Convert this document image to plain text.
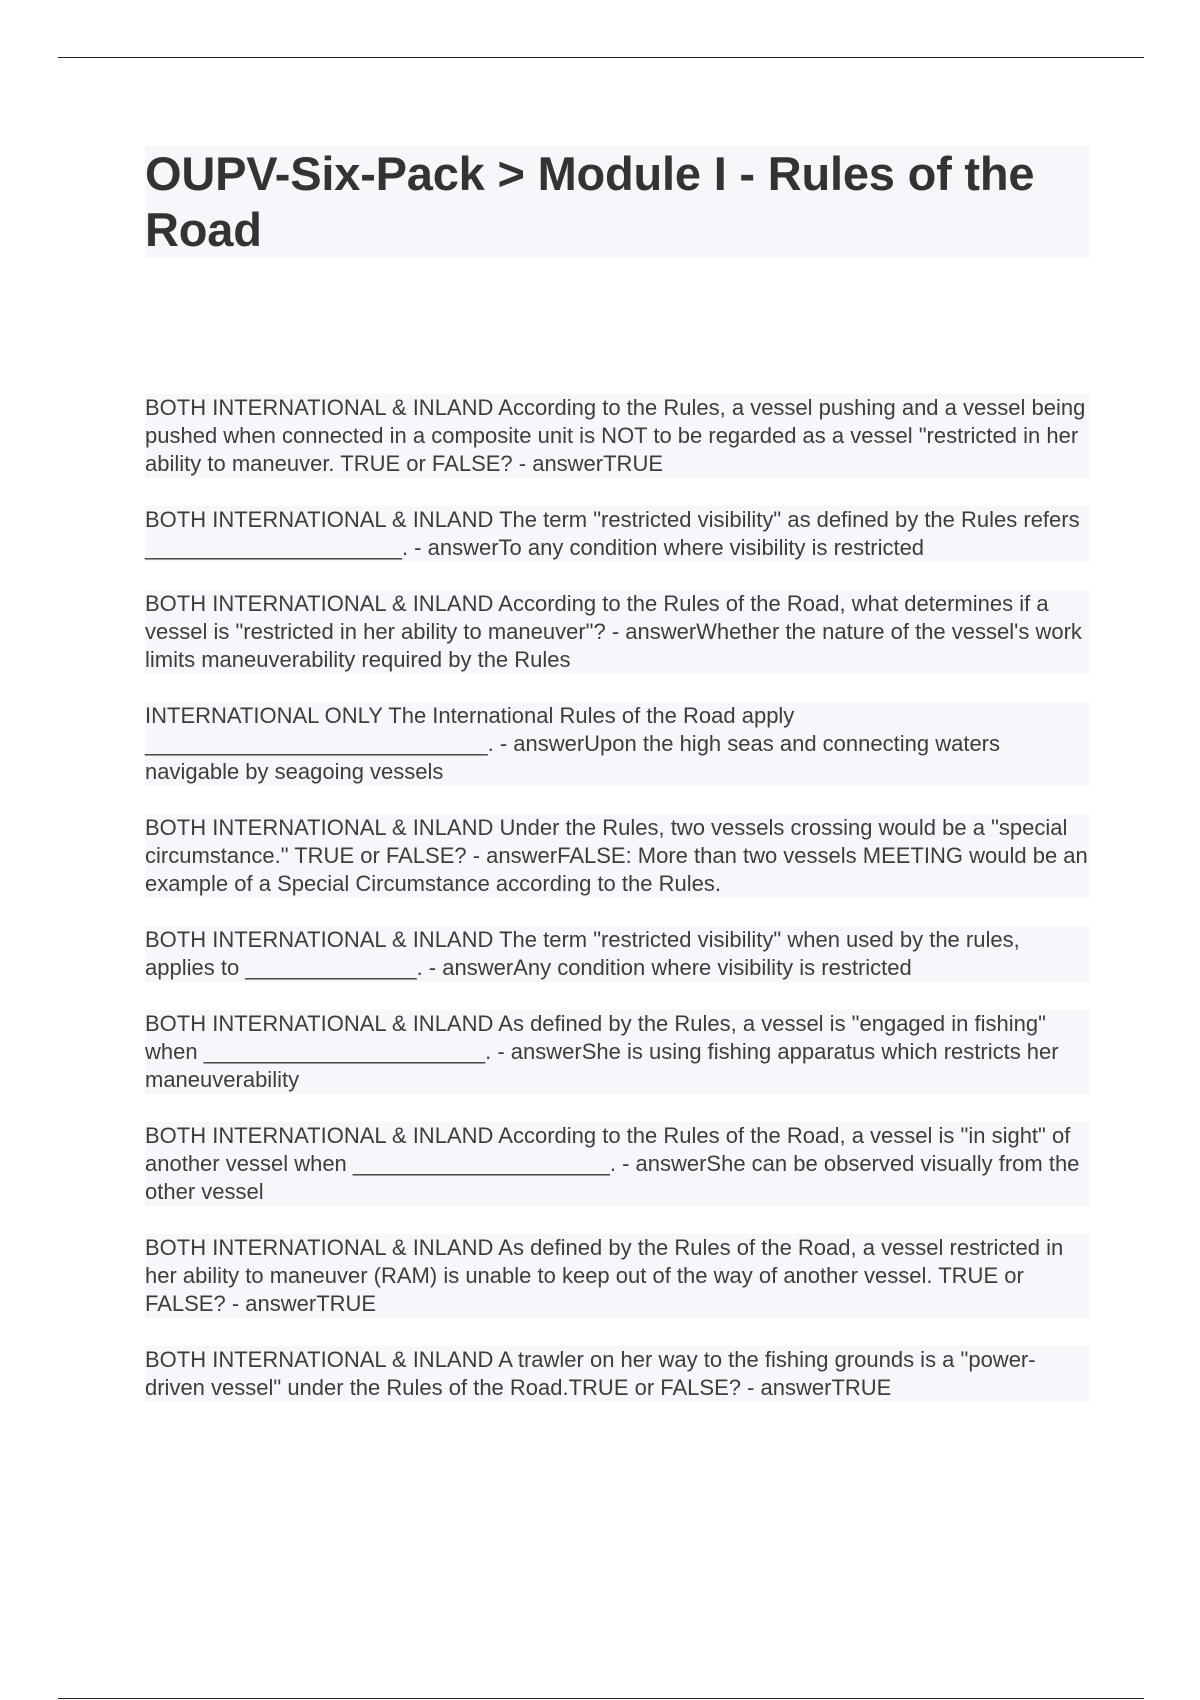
OUPV-Six-Pack > Module I - Rules of the Road

BOTH INTERNATIONAL & INLAND According to the Rules, a vessel pushing and a vessel being pushed when connected in a composite unit is NOT to be regarded as a vessel "restricted in her ability to maneuver. TRUE or FALSE? - answerTRUE

BOTH INTERNATIONAL & INLAND The term "restricted visibility" as defined by the Rules refers _____________________. - answerTo any condition where visibility is restricted

BOTH INTERNATIONAL & INLAND According to the Rules of the Road, what determines if a vessel is "restricted in her ability to maneuver"? - answerWhether the nature of the vessel's work limits maneuverability required by the Rules

INTERNATIONAL ONLY The International Rules of the Road apply ____________________________. - answerUpon the high seas and connecting waters navigable by seagoing vessels

BOTH INTERNATIONAL & INLAND Under the Rules, two vessels crossing would be a "special circumstance." TRUE or FALSE? - answerFALSE: More than two vessels MEETING would be an example of a Special Circumstance according to the Rules.

BOTH INTERNATIONAL & INLAND The term "restricted visibility" when used by the rules, applies to ______________. - answerAny condition where visibility is restricted

BOTH INTERNATIONAL & INLAND As defined by the Rules, a vessel is "engaged in fishing" when _______________________. - answerShe is using fishing apparatus which restricts her maneuverability

BOTH INTERNATIONAL & INLAND According to the Rules of the Road, a vessel is "in sight" of another vessel when _____________________. - answerShe can be observed visually from the other vessel

BOTH INTERNATIONAL & INLAND As defined by the Rules of the Road, a vessel restricted in her ability to maneuver (RAM) is unable to keep out of the way of another vessel. TRUE or FALSE? - answerTRUE

BOTH INTERNATIONAL & INLAND A trawler on her way to the fishing grounds is a "power-driven vessel" under the Rules of the Road.TRUE or FALSE? - answerTRUE
